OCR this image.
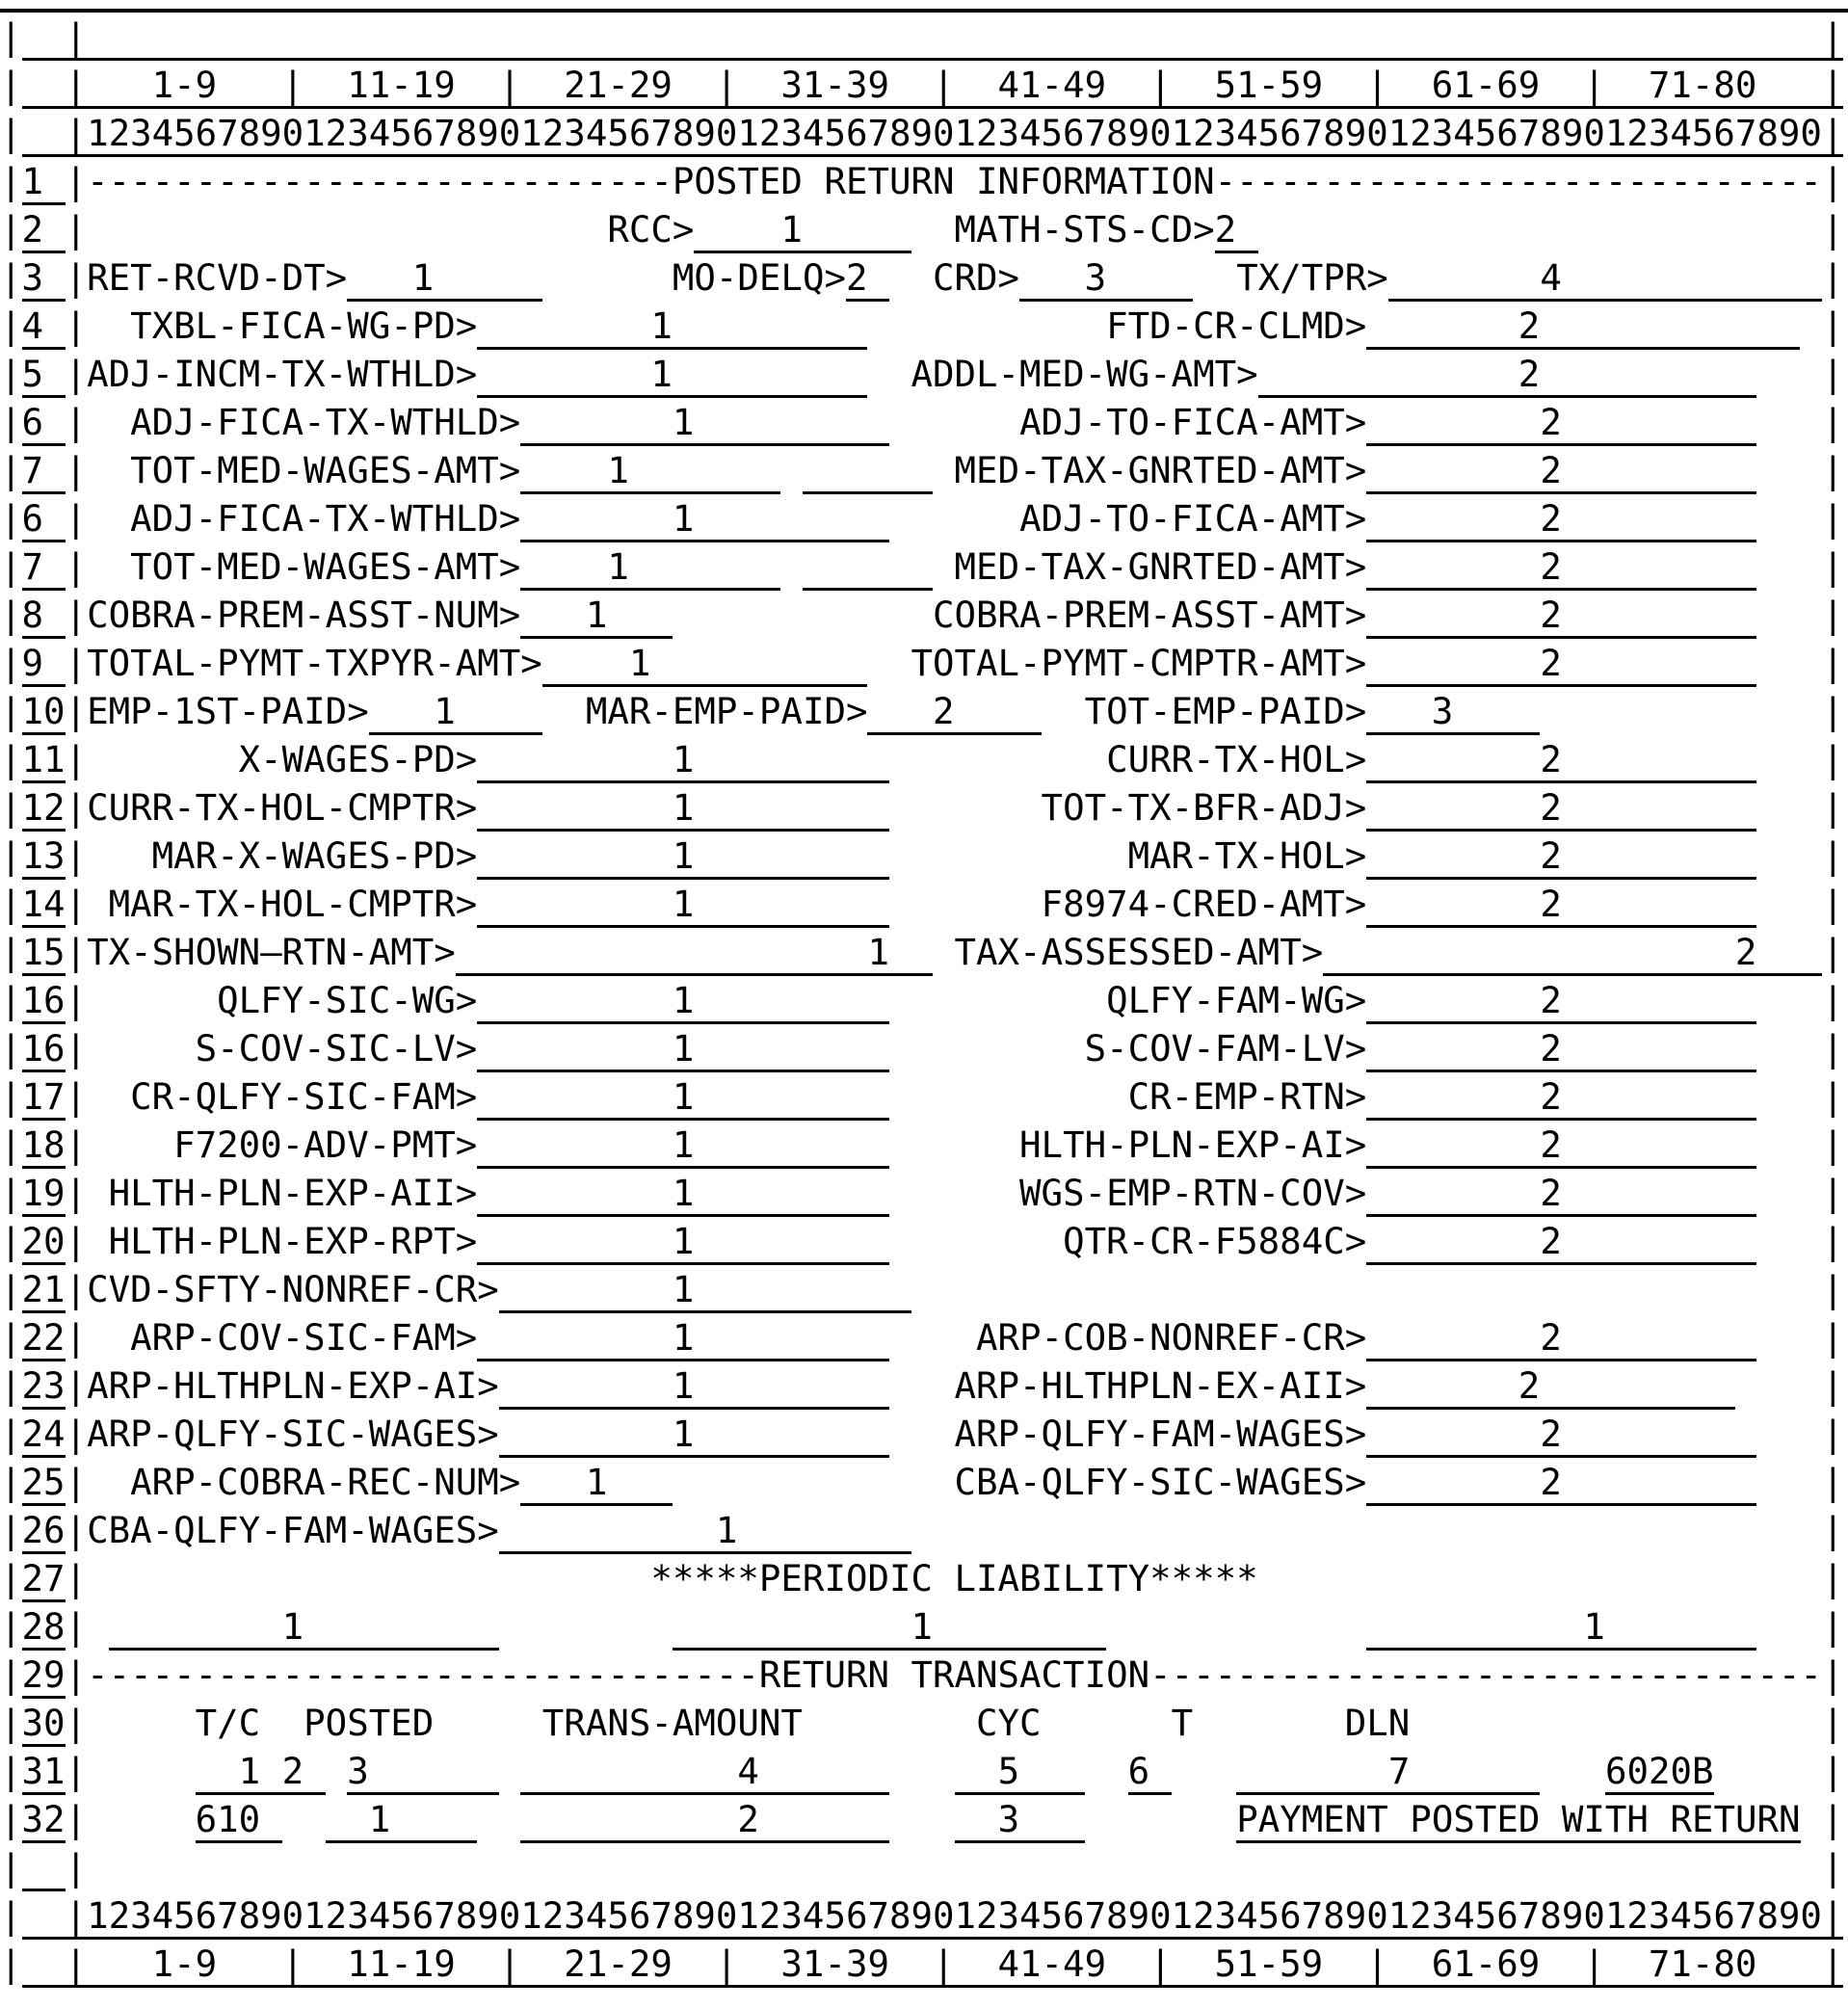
| |	|
| |   1-9   |  11-19  |  21-29  |  31-39  |  41-49  |  51-59  |  61-69  |  71-80   |
| |12345678901234567890123456789012345678901234567890123456789012345678901234567890|
|1 |---------------------------POSTED RETURN INFORMATION----------------------------|
|2 |                        RCC>    1       MATH-STS-CD>2	|
|3 |RET-RCVD-DT>   1           MO-DELQ>2   CRD>   3      TX/TPR>       4            |
|4 |  TXBL-FICA-WG-PD>        1                    FTD-CR-CLMD>       2             |
|5 |ADJ-INCM-TX-WTHLD>        1           ADDL-MED-WG-AMT>            2             |
|6 |  ADJ-FICA-TX-WTHLD>       1               ADJ-TO-FICA-AMT>        2            |
|7 |  TOT-MED-WAGES-AMT>    1	MED-TAX-GNRTED-AMT>        2            |
|6 |  ADJ-FICA-TX-WTHLD>       1               ADJ-TO-FICA-AMT>        2            |
|7 |  TOT-MED-WAGES-AMT>    1	MED-TAX-GNRTED-AMT>        2            |
|8 |COBRA-PREM-ASST-NUM>   1               COBRA-PREM-ASST-AMT>        2            |
|9 |TOTAL-PYMT-TXPYR-AMT>    1            TOTAL-PYMT-CMPTR-AMT>        2            |
|10|EMP-1ST-PAID>   1      MAR-EMP-PAID>   2      TOT-EMP-PAID>   3	|
|11|       X-WAGES-PD>         1                   CURR-TX-HOL>        2            |
|12|CURR-TX-HOL-CMPTR>         1                TOT-TX-BFR-ADJ>        2            |
|13|   MAR-X-WAGES-PD>         1                    MAR-TX-HOL>        2            |
|14| MAR-TX-HOL-CMPTR>         1                F8974-CRED-AMT>        2            |
|15|TX-SHOWN—RTN-AMT>                   1   TAX-ASSESSED-AMT>                   2   |
|16|      QLFY-SIC-WG>         1                   QLFY-FAM-WG>        2            |
|16|     S-COV-SIC-LV>         1                  S-COV-FAM-LV>        2            |
|17|  CR-QLFY-SIC-FAM>         1                    CR-EMP-RTN>        2            |
|18|    F7200-ADV-PMT>         1               HLTH-PLN-EXP-AI>        2            |
|19| HLTH-PLN-EXP-AII>         1               WGS-EMP-RTN-COV>        2            |
|20| HLTH-PLN-EXP-RPT>         1                 QTR-CR-F5884C>        2            |
|21|CVD-SFTY-NONREF-CR>        1	|
|22|  ARP-COV-SIC-FAM>         1             ARP-COB-NONREF-CR>        2            |
|23|ARP-HLTHPLN-EXP-AI>        1            ARP-HLTHPLN-EX-AII>       2             |
|24|ARP-QLFY-SIC-WAGES>        1            ARP-QLFY-FAM-WAGES>        2            |
|25|  ARP-COBRA-REC-NUM>   1                CBA-QLFY-SIC-WAGES>        2            |
|26|CBA-QLFY-FAM-WAGES>          1	|
|27|                          *****PERIODIC LIABILITY*****	|
|28|         1	1	1          |
|29|-------------------------------RETURN TRANSACTION-------------------------------|
|30|     T/C  POSTED     TRANS-AMOUNT        CYC      T       DLN	|
|31|	1 2  3                 4           5     6           7         6020B	|
|32|	610     1                2           3	PAYMENT POSTED WITH RETURN |
| |	|
| |12345678901234567890123456789012345678901234567890123456789012345678901234567890|
| |   1-9   |  11-19  |  21-29  |  31-39  |  41-49  |  51-59  |  61-69  |  71-80   |
